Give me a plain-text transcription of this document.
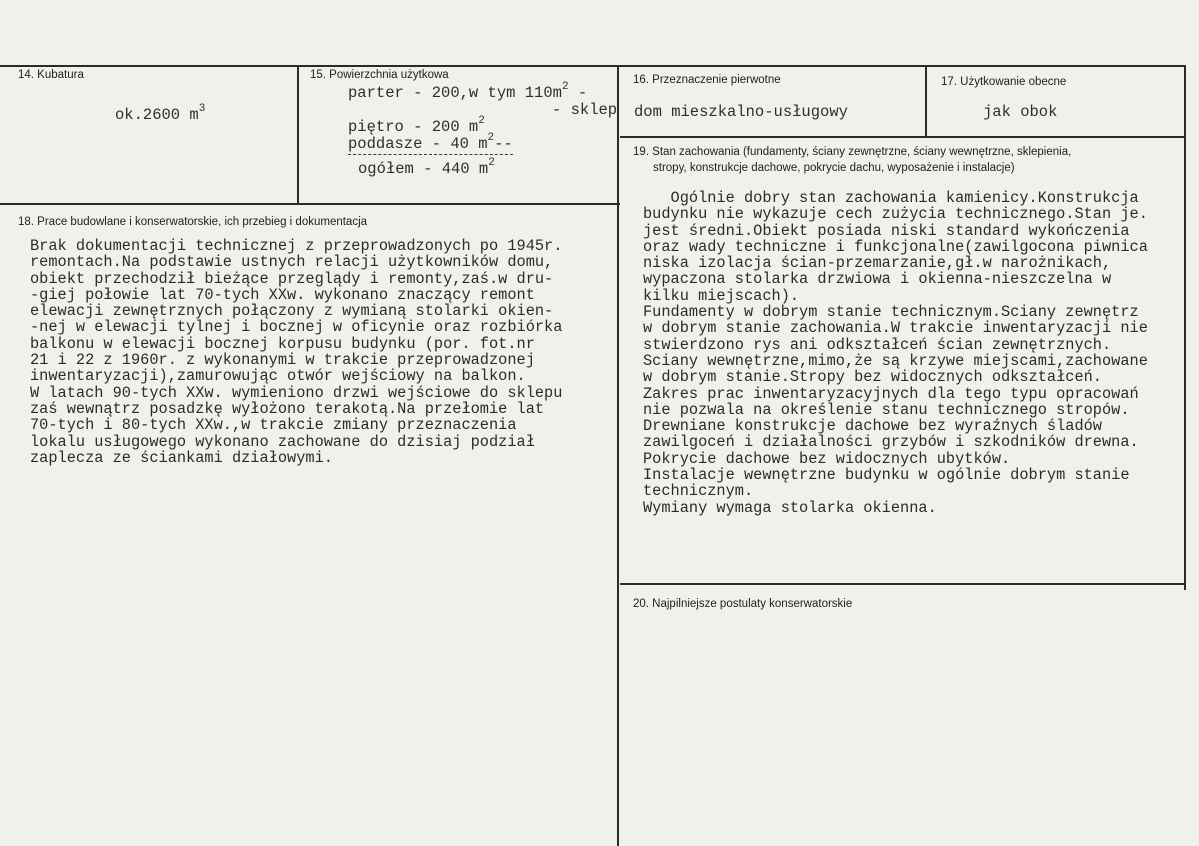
14. Kubatura
ok.2600 $m^3$
15. Powierzchnia użytkowa
parter - 200,w tym $110m^2$ -
- sklep
piętro - 200 $m^2$
poddasze - 40 $m^2--$
ogółem - 440 $m^2$
16. Przeznaczenie pierwotne
dom mieszkalno-usługowy
17. Użytkowanie obecne
jak obok
18. Prace budowlane i konserwatorskie, ich przebieg i dokumentacja
Brak dokumentacji technicznej z przeprowadzonych po 1945r.
remontach.Na podstawie ustnych relacji użytkowników domu,
obiekt przechodził bieżące przeglądy i remonty,zaś.w dru-
-giej połowie lat 70-tych XXw. wykonano znaczący remont
elewacji zewnętrznych połączony z wymianą stolarki okien-
-nej w elewacji tylnej i bocznej w oficynie oraz rozbiórka
balkonu w elewacji bocznej korpusu budynku (por. fot.nr
21 i 22 z 1960r. z wykonanymi w trakcie przeprowadzonej
inwentaryzacji),zamurowując otwór wejściowy na balkon.
W latach 90-tych XXw. wymieniono drzwi wejściowe do sklepu
zaś wewnątrz posadzkę wyłożono terakotą.Na przełomie lat
70-tych i 80-tych XXw.,w trakcie zmiany przeznaczenia
lokalu usługowego wykonano zachowane do dzisiaj podział
zaplecza ze ściankami działowymi.
19. Stan zachowania (fundamenty, ściany zewnętrzne, ściany wewnętrzne, sklepienia,
stropy, konstrukcje dachowe, pokrycie dachu, wyposażenie i instalacje)
Ogólnie dobry stan zachowania kamienicy.Konstrukcja
budynku nie wykazuje cech zużycia technicznego.Stan je.
jest średni.Obiekt posiada niski standard wykończenia
oraz wady techniczne i funkcjonalne(zawilgocona piwnica
niska izolacja ścian-przemarzanie,gł.w narożnikach,
wypaczona stolarka drzwiowa i okienna-nieszczelna w
kilku miejscach).
Fundamenty w dobrym stanie technicznym.Sciany zewnętrz
w dobrym stanie zachowania.W trakcie inwentaryzacji nie
stwierdzono rys ani odkształceń ścian zewnętrznych.
Sciany wewnętrzne,mimo,że są krzywe miejscami,zachowane
w dobrym stanie.Stropy bez widocznych odkształceń.
Zakres prac inwentaryzacyjnych dla tego typu opracowań
nie pozwala na określenie stanu technicznego stropów.
Drewniane konstrukcje dachowe bez wyraźnych śladów
zawilgoceń i działalności grzybów i szkodników drewna.
Pokrycie dachowe bez widocznych ubytków.
Instalacje wewnętrzne budynku w ogólnie dobrym stanie
technicznym.
Wymiany wymaga stolarka okienna.
20. Najpilniejsze postulaty konserwatorskie
